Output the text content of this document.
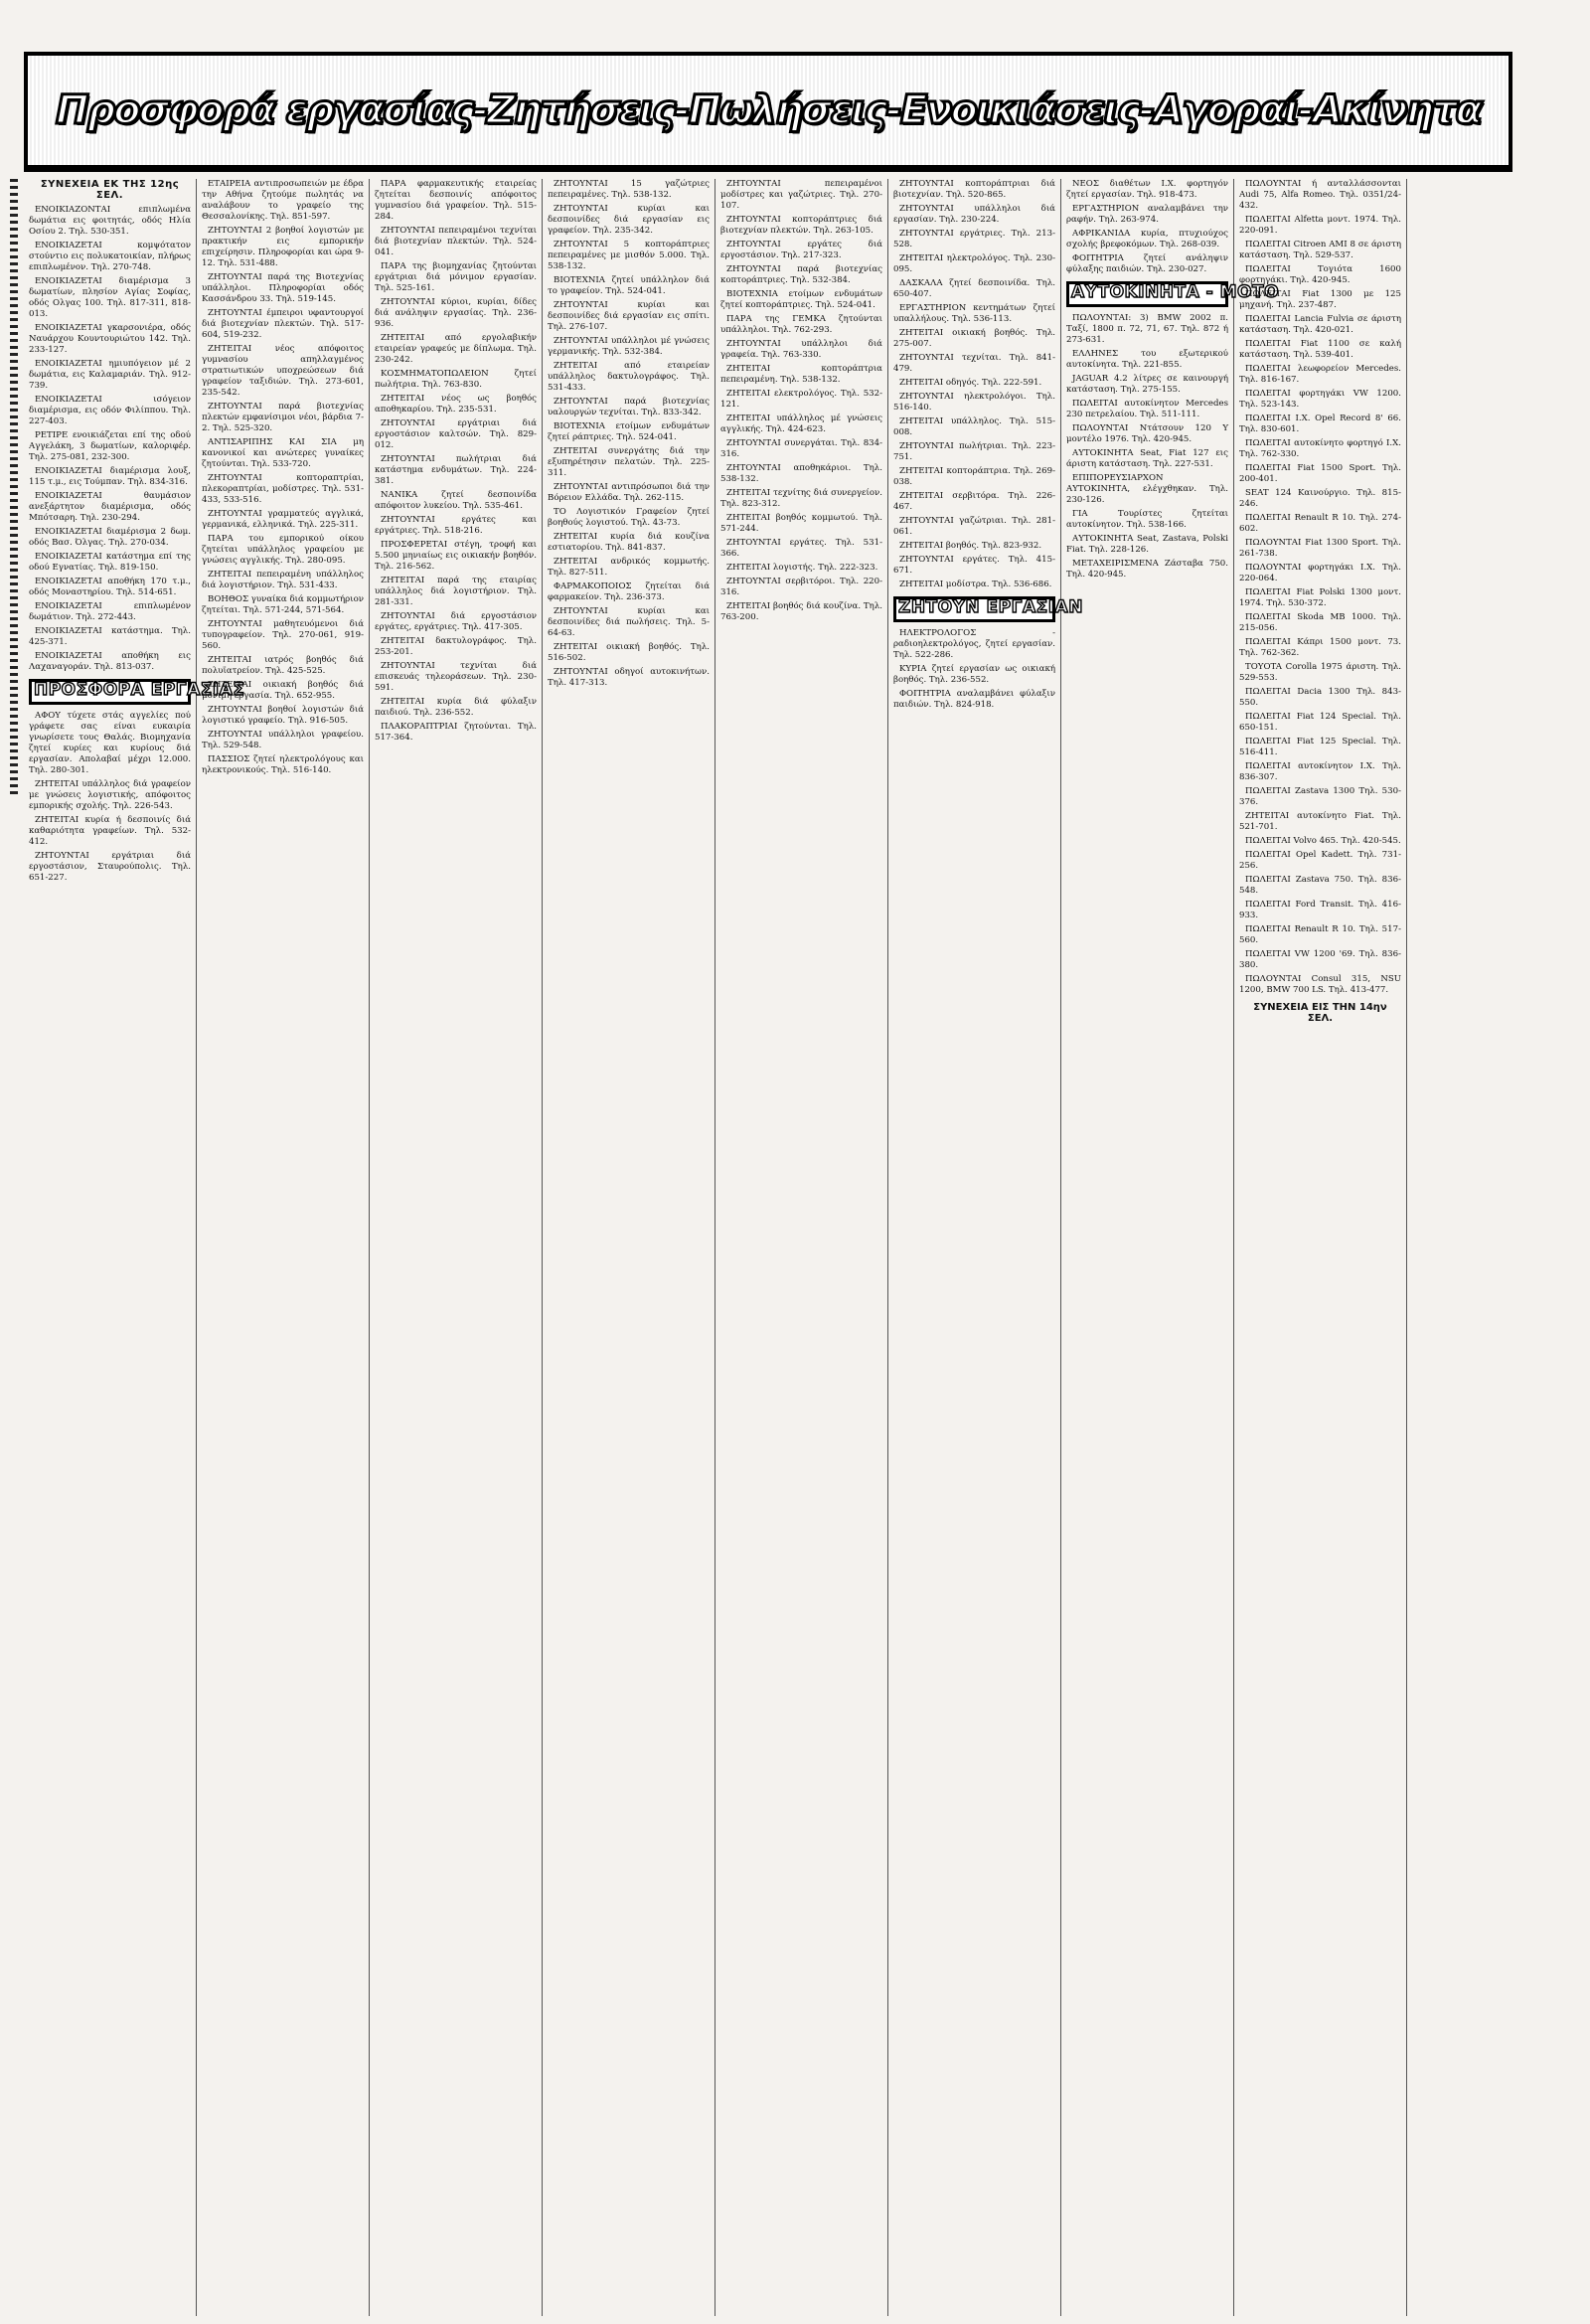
Προσφορά εργασίας-Ζητήσεις-Πωλήσεις-Ενοικιάσεις-Αγοραί-Ακίνητα
ΣΥΝΕΧΕΙΑ ΕΚ ΤΗΣ 12ης ΣΕΛ.

ΕΝΟΙΚΙΑΖΟΝΤΑΙ επιπλωμένα δωμάτια εις φοιτητάς, οδός Ηλία Οσίου 2. Τηλ. 530-351.

ΕΝΟΙΚΙΑΖΕΤΑΙ κομψότατον στούντιο εις πολυκατοικίαν, πλήρως επιπλωμένον. Τηλ. 270-748.

ΕΝΟΙΚΙΑΖΕΤΑΙ διαμέρισμα 3 δωματίων, πλησίον Αγίας Σοφίας, οδός Ολγας 100. Τηλ. 817-311, 818-013.

ΕΝΟΙΚΙΑΖΕΤΑΙ γκαρσονιέρα, οδός Ναυάρχου Κουντουριώτου 142. Τηλ. 233-127.

ΕΝΟΙΚΙΑΖΕΤΑΙ ημιυπόγειον μέ 2 δωμάτια, εις Καλαμαριάν. Τηλ. 912-739.

ΕΝΟΙΚΙΑΖΕΤΑΙ ισόγειον διαμέρισμα, εις οδόν Φιλίππου. Τηλ. 227-403.

ΡΕΤΙΡΕ ενοικιάζεται επί της οδού Αγγελάκη, 3 δωματίων, καλοριφέρ. Τηλ. 275-081, 232-300.

ΕΝΟΙΚΙΑΖΕΤΑΙ διαμέρισμα λουξ, 115 τ.μ., εις Τούμπαν. Τηλ. 834-316.

ΕΝΟΙΚΙΑΖΕΤΑΙ θαυμάσιον ανεξάρτητον διαμέρισμα, οδός Μπότσαρη. Τηλ. 230-294.

ΕΝΟΙΚΙΑΖΕΤΑΙ διαμέρισμα 2 δωμ. οδός Βασ. Όλγας. Τηλ. 270-034.

ΕΝΟΙΚΙΑΖΕΤΑΙ κατάστημα επί της οδού Εγνατίας. Τηλ. 819-150.

ΕΝΟΙΚΙΑΖΕΤΑΙ αποθήκη 170 τ.μ., οδός Μοναστηρίου. Τηλ. 514-651.

ΕΝΟΙΚΙΑΖΕΤΑΙ επιπλωμένον δωμάτιον. Τηλ. 272-443.

ΕΝΟΙΚΙΑΖΕΤΑΙ κατάστημα. Τηλ. 425-371.

ΕΝΟΙΚΙΑΖΕΤΑΙ αποθήκη εις Λαχαναγοράν. Τηλ. 813-037.

ΠΡΟΣΦΟΡΑ ΕΡΓΑΣΙΑΣ

ΑΦΟΥ τύχετε στάς αγγελίες πού γράφετε σας είναι ευκαιρία γνωρίσετε τους Θαλάς. Βιομηχανία ζητεί κυρίες και κυρίους διά εργασίαν. Απολαβαί μέχρι 12.000. Τηλ. 280-301.

ΖΗΤΕΙΤΑΙ υπάλληλος διά γραφείον με γνώσεις λογιστικής, απόφοιτος εμπορικής σχολής. Τηλ. 226-543.

ΖΗΤΕΙΤΑΙ κυρία ή δεσποινίς διά καθαριότητα γραφείων. Τηλ. 532-412.

ΖΗΤΟΥΝΤΑΙ εργάτριαι διά εργοστάσιον, Σταυρούπολις. Τηλ. 651-227.

ΕΤΑΙΡΕΙΑ αντιπροσωπειών με έδρα την Αθήνα ζητούμε πωλητάς να αναλάβουν το γραφείο της Θεσσαλονίκης. Τηλ. 851-597.

ΖΗΤΟΥΝΤΑΙ 2 βοηθοί λογιστών με πρακτικήν εις εμπορικήν επιχείρησιν. Πληροφορίαι και ώρα 9-12. Τηλ. 531-488.

ΖΗΤΟΥΝΤΑΙ παρά της Βιοτεχνίας υπάλληλοι. Πληροφορίαι οδός Κασσάνδρου 33. Τηλ. 519-145.

ΖΗΤΟΥΝΤΑΙ έμπειροι υφαντουργοί διά βιοτεχνίαν πλεκτών. Τηλ. 517-604, 519-232.

ΖΗΤΕΙΤΑΙ νέος απόφοιτος γυμνασίου απηλλαγμένος στρατιωτικών υποχρεώσεων διά γραφείον ταξιδιών. Τηλ. 273-601, 235-542.

ΖΗΤΟΥΝΤΑΙ παρά βιοτεχνίας πλεκτών εμφανίσιμοι νέοι, βάρδια 7-2. Τηλ. 525-320.

ΑΝΤΙΣΑΡΙΠΗΣ ΚΑΙ ΣΙΑ μη κανονικοί και ανώτερες γυναίκες ζητούνται. Τηλ. 533-720.

ΖΗΤΟΥΝΤΑΙ κοπτοραπτρίαι, πλεκοραπτρίαι, μοδίστρες. Τηλ. 531-433, 533-516.

ΖΗΤΟΥΝΤΑΙ γραμματεύς αγγλικά, γερμανικά, ελληνικά. Τηλ. 225-311.

ΠΑΡΑ του εμπορικού οίκου ζητείται υπάλληλος γραφείου με γνώσεις αγγλικής. Τηλ. 280-095.

ΖΗΤΕΙΤΑΙ πεπειραμένη υπάλληλος διά λογιστήριον. Τηλ. 531-433.

ΒΟΗΘΟΣ γυναίκα διά κομμωτήριον ζητείται. Τηλ. 571-244, 571-564.

ΖΗΤΟΥΝΤΑΙ μαθητευόμενοι διά τυπογραφείον. Τηλ. 270-061, 919-560.

ΖΗΤΕΙΤΑΙ ιατρός βοηθός διά πολυϊατρείον. Τηλ. 425-525.

ΖΗΤΕΙΤΑΙ οικιακή βοηθός διά μόνιμη εργασία. Τηλ. 652-955.

ΖΗΤΟΥΝΤΑΙ βοηθοί λογιστών διά λογιστικό γραφείο. Τηλ. 916-505.

ΖΗΤΟΥΝΤΑΙ υπάλληλοι γραφείου. Τηλ. 529-548.

ΠΑΣΣΙΟΣ ζητεί ηλεκτρολόγους και ηλεκτρονικούς. Τηλ. 516-140.

ΠΑΡΑ φαρμακευτικής εταιρείας ζητείται δεσποινίς απόφοιτος γυμνασίου διά γραφείον. Τηλ. 515-284.

ΖΗΤΟΥΝΤΑΙ πεπειραμένοι τεχνίται διά βιοτεχνίαν πλεκτών. Τηλ. 524-041.

ΠΑΡΑ της βιομηχανίας ζητούνται εργάτριαι διά μόνιμον εργασίαν. Τηλ. 525-161.

ΖΗΤΟΥΝΤΑΙ κύριοι, κυρίαι, δίδες διά ανάληψιν εργασίας. Τηλ. 236-936.

ΖΗΤΕΙΤΑΙ από εργολαβικήν εταιρείαν γραφεύς με δίπλωμα. Τηλ. 230-242.

ΚΟΣΜΗΜΑΤΟΠΩΛΕΙΟΝ ζητεί πωλήτρια. Τηλ. 763-830.

ΖΗΤΕΙΤΑΙ νέος ως βοηθός αποθηκαρίου. Τηλ. 235-531.

ΖΗΤΟΥΝΤΑΙ εργάτριαι διά εργοστάσιον καλτσών. Τηλ. 829-012.

ΖΗΤΟΥΝΤΑΙ πωλήτριαι διά κατάστημα ενδυμάτων. Τηλ. 224-381.

ΝΑΝΙΚΑ ζητεί δεσποινίδα απόφοιτον λυκείου. Τηλ. 535-461.

ΖΗΤΟΥΝΤΑΙ εργάτες και εργάτριες. Τηλ. 518-216.

ΠΡΟΣΦΕΡΕΤΑΙ στέγη, τροφή και 5.500 μηνιαίως εις οικιακήν βοηθόν. Τηλ. 216-562.

ΖΗΤΕΙΤΑΙ παρά της εταιρίας υπάλληλος διά λογιστήριον. Τηλ. 281-331.

ΖΗΤΟΥΝΤΑΙ διά εργοστάσιον εργάτες, εργάτριες. Τηλ. 417-305.

ΖΗΤΕΙΤΑΙ δακτυλογράφος. Τηλ. 253-201.

ΖΗΤΟΥΝΤΑΙ τεχνίται διά επισκευάς τηλεοράσεων. Τηλ. 230-591.

ΖΗΤΕΙΤΑΙ κυρία διά φύλαξιν παιδιού. Τηλ. 236-552.

ΠΛΑΚΟΡΑΠΤΡΙΑΙ ζητούνται. Τηλ. 517-364.

ΖΗΤΟΥΝΤΑΙ 15 γαζώτριες πεπειραμένες. Τηλ. 538-132.

ΖΗΤΟΥΝΤΑΙ κυρίαι και δεσποινίδες διά εργασίαν εις γραφείον. Τηλ. 235-342.

ΖΗΤΟΥΝΤΑΙ 5 κοπτοράπτριες πεπειραμένες με μισθόν 5.000. Τηλ. 538-132.

ΒΙΟΤΕΧΝΙΑ ζητεί υπάλληλον διά το γραφείον. Τηλ. 524-041.

ΖΗΤΟΥΝΤΑΙ κυρίαι και δεσποινίδες διά εργασίαν εις σπίτι. Τηλ. 276-107.

ΖΗΤΟΥΝΤΑΙ υπάλληλοι μέ γνώσεις γερμανικής. Τηλ. 532-384.

ΖΗΤΕΙΤΑΙ από εταιρείαν υπάλληλος δακτυλογράφος. Τηλ. 531-433.

ΖΗΤΟΥΝΤΑΙ παρά βιοτεχνίας υαλουργών τεχνίται. Τηλ. 833-342.

ΒΙΟΤΕΧΝΙΑ ετοίμων ενδυμάτων ζητεί ράπτριες. Τηλ. 524-041.

ΖΗΤΕΙΤΑΙ συνεργάτης διά την εξυπηρέτησιν πελατών. Τηλ. 225-311.

ΖΗΤΟΥΝΤΑΙ αντιπρόσωποι διά την Βόρειον Ελλάδα. Τηλ. 262-115.

ΤΟ Λογιστικόν Γραφείον ζητεί βοηθούς λογιστού. Τηλ. 43-73.

ΖΗΤΕΙΤΑΙ κυρία διά κουζίνα εστιατορίου. Τηλ. 841-837.

ΖΗΤΕΙΤΑΙ ανδρικός κομμωτής. Τηλ. 827-511.

ΦΑΡΜΑΚΟΠΟΙΟΣ ζητείται διά φαρμακείον. Τηλ. 236-373.

ΖΗΤΟΥΝΤΑΙ κυρίαι και δεσποινίδες διά πωλήσεις. Τηλ. 5-64-63.

ΖΗΤΕΙΤΑΙ οικιακή βοηθός. Τηλ. 516-502.

ΖΗΤΟΥΝΤΑΙ οδηγοί αυτοκινήτων. Τηλ. 417-313.

ΖΗΤΟΥΝΤΑΙ πεπειραμένοι μοδίστρες και γαζώτριες. Τηλ. 270-107.

ΖΗΤΟΥΝΤΑΙ κοπτοράπτριες διά βιοτεχνίαν πλεκτών. Τηλ. 263-105.

ΖΗΤΟΥΝΤΑΙ εργάτες διά εργοστάσιον. Τηλ. 217-323.

ΖΗΤΟΥΝΤΑΙ παρά βιοτεχνίας κοπτοράπτριες. Τηλ. 532-384.

ΒΙΟΤΕΧΝΙΑ ετοίμων ενδυμάτων ζητεί κοπτοράπτριες. Τηλ. 524-041.

ΠΑΡΑ της ΓΕΜΚΑ ζητούνται υπάλληλοι. Τηλ. 762-293.

ΖΗΤΟΥΝΤΑΙ υπάλληλοι διά γραφεία. Τηλ. 763-330.

ΖΗΤΕΙΤΑΙ κοπτοράπτρια πεπειραμένη. Τηλ. 538-132.

ΖΗΤΕΙΤΑΙ ελεκτρολόγος. Τηλ. 532-121.

ΖΗΤΕΙΤΑΙ υπάλληλος μέ γνώσεις αγγλικής. Τηλ. 424-623.

ΖΗΤΟΥΝΤΑΙ συνεργάται. Τηλ. 834-316.

ΖΗΤΟΥΝΤΑΙ αποθηκάριοι. Τηλ. 538-132.

ΖΗΤΕΙΤΑΙ τεχνίτης διά συνεργείον. Τηλ. 823-312.

ΖΗΤΕΙΤΑΙ βοηθός κομμωτού. Τηλ. 571-244.

ΖΗΤΟΥΝΤΑΙ εργάτες. Τηλ. 531-366.

ΖΗΤΕΙΤΑΙ λογιστής. Τηλ. 222-323.

ΖΗΤΟΥΝΤΑΙ σερβιτόροι. Τηλ. 220-316.

ΖΗΤΕΙΤΑΙ βοηθός διά κουζίνα. Τηλ. 763-200.

ΖΗΤΟΥΝΤΑΙ κοπτοράπτριαι διά βιοτεχνίαν. Τηλ. 520-865.

ΖΗΤΟΥΝΤΑΙ υπάλληλοι διά εργασίαν. Τηλ. 230-224.

ΖΗΤΟΥΝΤΑΙ εργάτριες. Τηλ. 213-528.

ΖΗΤΕΙΤΑΙ ηλεκτρολόγος. Τηλ. 230-095.

ΔΑΣΚΑΛΑ ζητεί δεσποινίδα. Τηλ. 650-407.

ΕΡΓΑΣΤΗΡΙΟΝ κεντημάτων ζητεί υπαλλήλους. Τηλ. 536-113.

ΖΗΤΕΙΤΑΙ οικιακή βοηθός. Τηλ. 275-007.

ΖΗΤΟΥΝΤΑΙ τεχνίται. Τηλ. 841-479.

ΖΗΤΕΙΤΑΙ οδηγός. Τηλ. 222-591.

ΖΗΤΟΥΝΤΑΙ ηλεκτρολόγοι. Τηλ. 516-140.

ΖΗΤΕΙΤΑΙ υπάλληλος. Τηλ. 515-008.

ΖΗΤΟΥΝΤΑΙ πωλήτριαι. Τηλ. 223-751.

ΖΗΤΕΙΤΑΙ κοπτοράπτρια. Τηλ. 269-038.

ΖΗΤΕΙΤΑΙ σερβιτόρα. Τηλ. 226-467.

ΖΗΤΟΥΝΤΑΙ γαζώτριαι. Τηλ. 281-061.

ΖΗΤΕΙΤΑΙ βοηθός. Τηλ. 823-932.

ΖΗΤΟΥΝΤΑΙ εργάτες. Τηλ. 415-671.

ΖΗΤΕΙΤΑΙ μοδίστρα. Τηλ. 536-686.

ΖΗΤΟΥΝ ΕΡΓΑΣΙΑΝ

ΗΛΕΚΤΡΟΛΟΓΟΣ - ραδιοηλεκτρολόγος, ζητεί εργασίαν. Τηλ. 522-286.

ΚΥΡΙΑ ζητεί εργασίαν ως οικιακή βοηθός. Τηλ. 236-552.

ΦΟΙΤΗΤΡΙΑ αναλαμβάνει φύλαξιν παιδιών. Τηλ. 824-918.

ΝΕΟΣ διαθέτων Ι.Χ. φορτηγόν ζητεί εργασίαν. Τηλ. 918-473.

ΕΡΓΑΣΤΗΡΙΟΝ αναλαμβάνει την ραφήν. Τηλ. 263-974.

ΑΦΡΙΚΑΝΙΔΑ κυρία, πτυχιούχος σχολής βρεφοκόμων. Τηλ. 268-039.

ΦΟΙΤΗΤΡΙΑ ζητεί ανάληψιν φύλαξης παιδιών. Τηλ. 230-027.

ΑΥΤΟΚΙΝΗΤΑ - ΜΟΤΟ

ΠΩΛΟΥΝΤΑΙ: 3) BMW 2002 π. Ταξί, 1800 π. 72, 71, 67. Τηλ. 872 ή 273-631.

ΕΛΛΗΝΕΣ του εξωτερικού αυτοκίνητα. Τηλ. 221-855.

JAGUAR 4.2 λίτρες σε καινουργή κατάσταση. Τηλ. 275-155.

ΠΩΛΕΙΤΑΙ αυτοκίνητον Mercedes 230 πετρελαίου. Τηλ. 511-111.

ΠΩΛΟΥΝΤΑΙ Ντάτσουν 120 Υ μοντέλο 1976. Τηλ. 420-945.

ΑΥΤΟΚΙΝΗΤΑ Seat, Fiat 127 εις άριστη κατάσταση. Τηλ. 227-531.

ΕΠΙΠΟΡΕΥΣΙΑΡΧΟΝ ΑΥΤΟΚΙΝΗΤΑ, ελέγχθηκαν. Τηλ. 230-126.

ΓΙΑ Τουρίστες ζητείται αυτοκίνητον. Τηλ. 538-166.

ΑΥΤΟΚΙΝΗΤΑ Seat, Zastava, Polski Fiat. Τηλ. 228-126.

ΜΕΤΑΧΕΙΡΙΣΜΕΝΑ Ζάσταβα 750. Τηλ. 420-945.

ΠΩΛΟΥΝΤΑΙ ή ανταλλάσσονται Audi 75, Alfa Romeo. Τηλ. 0351/24-432.

ΠΩΛΕΙΤΑΙ Alfetta μοντ. 1974. Τηλ. 220-091.

ΠΩΛΕΙΤΑΙ Citroen AMI 8 σε άριστη κατάσταση. Τηλ. 529-537.

ΠΩΛΕΙΤΑΙ Τογιότα 1600 φορτηγάκι. Τηλ. 420-945.

ΠΩΛΕΙΤΑΙ Fiat 1300 με 125 μηχανή. Τηλ. 237-487.

ΠΩΛΕΙΤΑΙ Lancia Fulvia σε άριστη κατάσταση. Τηλ. 420-021.

ΠΩΛΕΙΤΑΙ Fiat 1100 σε καλή κατάσταση. Τηλ. 539-401.

ΠΩΛΕΙΤΑΙ λεωφορείον Mercedes. Τηλ. 816-167.

ΠΩΛΕΙΤΑΙ φορτηγάκι VW 1200. Τηλ. 523-143.

ΠΩΛΕΙΤΑΙ Ι.Χ. Opel Record 8' 66. Τηλ. 830-601.

ΠΩΛΕΙΤΑΙ αυτοκίνητο φορτηγό Ι.Χ. Τηλ. 762-330.

ΠΩΛΕΙΤΑΙ Fiat 1500 Sport. Τηλ. 200-401.

SEAT 124 Καινούργιο. Τηλ. 815-246.

ΠΩΛΕΙΤΑΙ Renault R 10. Τηλ. 274-602.

ΠΩΛΟΥΝΤΑΙ Fiat 1300 Sport. Τηλ. 261-738.

ΠΩΛΟΥΝΤΑΙ φορτηγάκι Ι.Χ. Τηλ. 220-064.

ΠΩΛΕΙΤΑΙ Fiat Polski 1300 μοντ. 1974. Τηλ. 530-372.

ΠΩΛΕΙΤΑΙ Skoda MB 1000. Τηλ. 215-056.

ΠΩΛΕΙΤΑΙ Κάπρι 1500 μοντ. 73. Τηλ. 762-362.

TOYOTA Corolla 1975 άριστη. Τηλ. 529-553.

ΠΩΛΕΙΤΑΙ Dacia 1300 Τηλ. 843-550.

ΠΩΛΕΙΤΑΙ Fiat 124 Special. Τηλ. 650-151.

ΠΩΛΕΙΤΑΙ Fiat 125 Special. Τηλ. 516-411.

ΠΩΛΕΙΤΑΙ αυτοκίνητον Ι.Χ. Τηλ. 836-307.

ΠΩΛΕΙΤΑΙ Zastava 1300 Τηλ. 530-376.

ΖΗΤΕΙΤΑΙ αυτοκίνητο Fiat. Τηλ. 521-701.

ΠΩΛΕΙΤΑΙ Volvo 465. Τηλ. 420-545.

ΠΩΛΕΙΤΑΙ Opel Kadett. Τηλ. 731-256.

ΠΩΛΕΙΤΑΙ Zastava 750. Τηλ. 836-548.

ΠΩΛΕΙΤΑΙ Ford Transit. Τηλ. 416-933.

ΠΩΛΕΙΤΑΙ Renault R 10. Τηλ. 517-560.

ΠΩΛΕΙΤΑΙ VW 1200 '69. Τηλ. 836-380.

ΠΩΛΟΥΝΤΑΙ Consul 315, NSU 1200, BMW 700 LS. Τηλ. 413-477.

ΣΥΝΕΧΕΙΑ ΕΙΣ ΤΗΝ 14ην ΣΕΛ.
